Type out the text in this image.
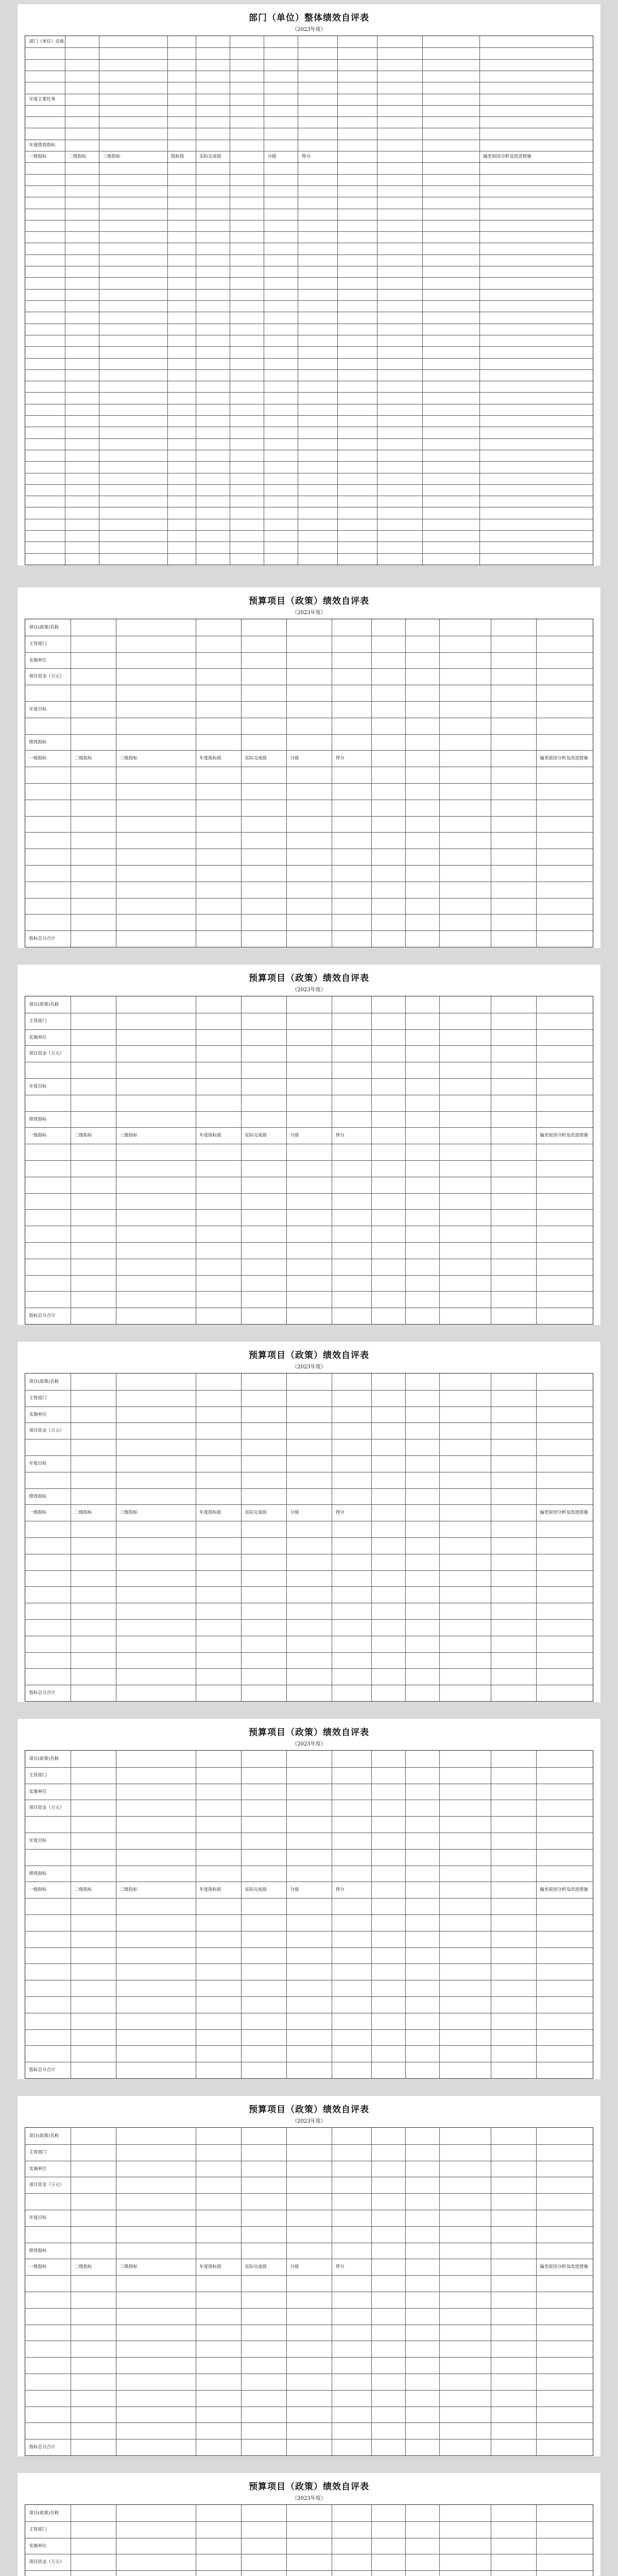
部门（单位）整体绩效自评表
（2023年度）
部门（单位）名称
年度主要任务
年度绩效指标
一级指标	二级指标	三级指标	指标值	实际完成值	分值	得分	偏差原因分析及改进措施
预算项目（政策）绩效自评表
（2023年度）
项目(政策)名称
主管部门
实施单位
项目资金（万元）
年度目标
绩效指标
一级指标	二级指标	三级指标	年度指标值	实际完成值	分值	得分	偏差原因分析及改进措施
指标总分合计
预算项目（政策）绩效自评表
（2023年度）
项目(政策)名称
主管部门
实施单位
项目资金（万元）
年度目标
绩效指标
一级指标	二级指标	三级指标	年度指标值	实际完成值	分值	得分	偏差原因分析及改进措施
指标总分合计
预算项目（政策）绩效自评表
（2023年度）
项目(政策)名称
主管部门
实施单位
项目资金（万元）
年度目标
绩效指标
一级指标	二级指标	三级指标	年度指标值	实际完成值	分值	得分	偏差原因分析及改进措施
指标总分合计
预算项目（政策）绩效自评表
（2023年度）
项目(政策)名称
主管部门
实施单位
项目资金（万元）
年度目标
绩效指标
一级指标	二级指标	三级指标	年度指标值	实际完成值	分值	得分	偏差原因分析及改进措施
指标总分合计
预算项目（政策）绩效自评表
（2023年度）
项目(政策)名称
主管部门
实施单位
项目资金（万元）
年度目标
绩效指标
一级指标	二级指标	三级指标	年度指标值	实际完成值	分值	得分	偏差原因分析及改进措施
指标总分合计
预算项目（政策）绩效自评表
（2023年度）
项目(政策)名称
主管部门
实施单位
项目资金（万元）
